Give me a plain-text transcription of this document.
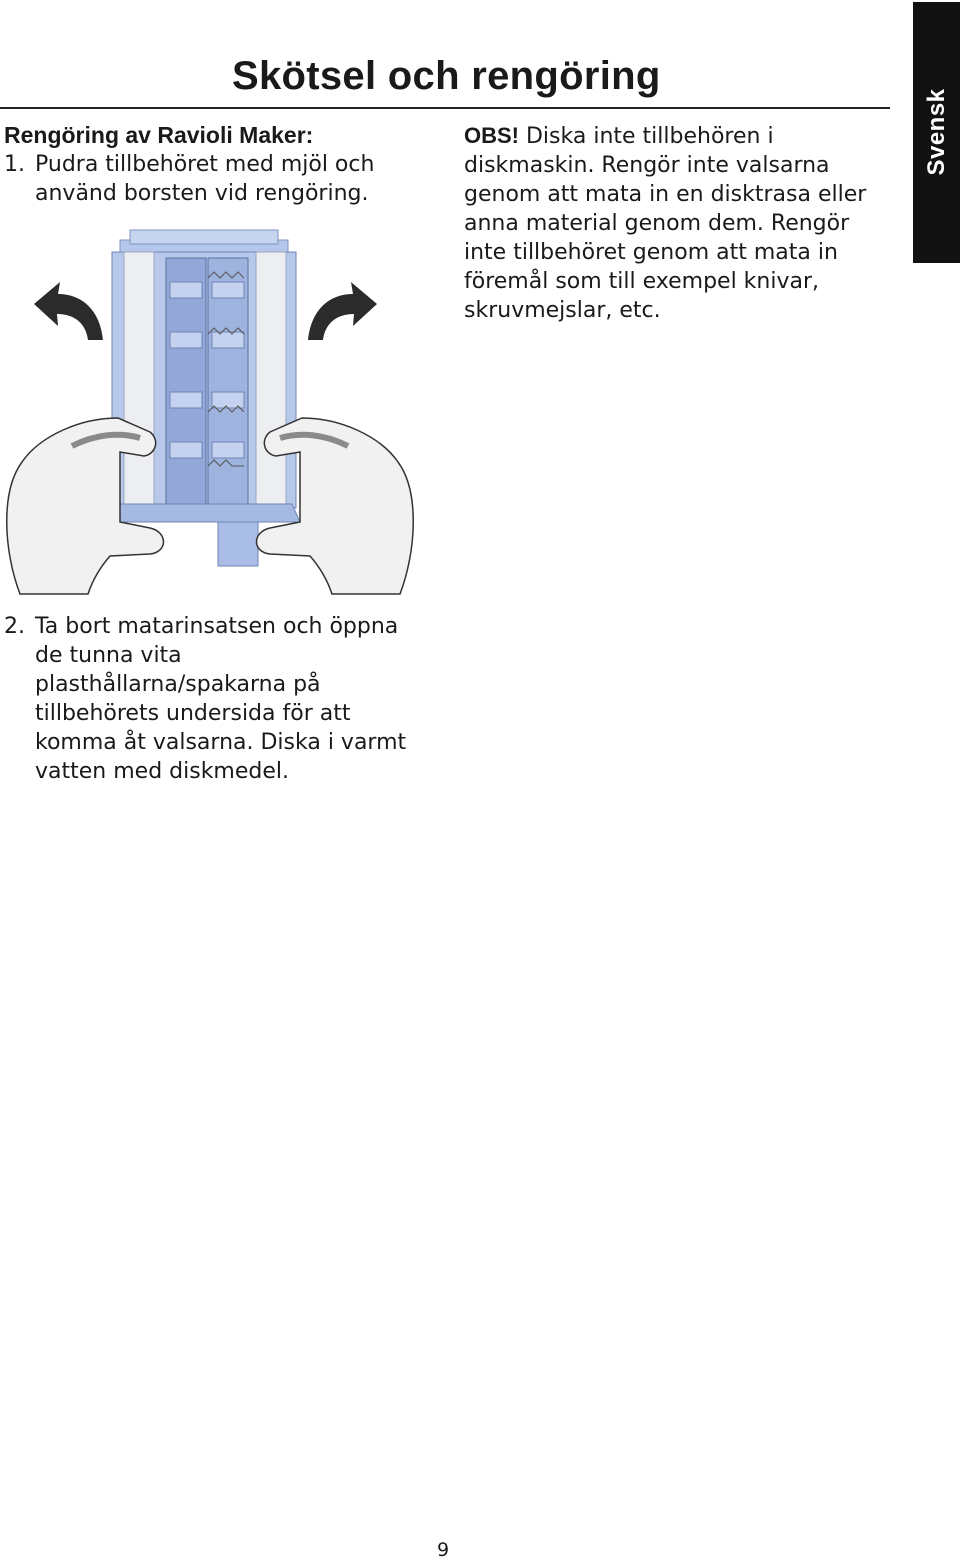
Skötsel och rengöring
Svensk

Rengöring av Ravioli Maker:

1. Pudra tillbehöret med mjöl och använd borsten vid rengöring.

OBS! Diska inte tillbehören i diskmaskin. Rengör inte valsarna genom att mata in en disktrasa eller anna material genom dem. Rengör inte tillbehöret genom att mata in föremål som till exempel knivar, skruvmejslar, etc.

2. Ta bort matarinsatsen och öppna de tunna vita plasthållarna/spakarna på tillbehörets undersida för att komma åt valsarna. Diska i varmt vatten med diskmedel.

9
